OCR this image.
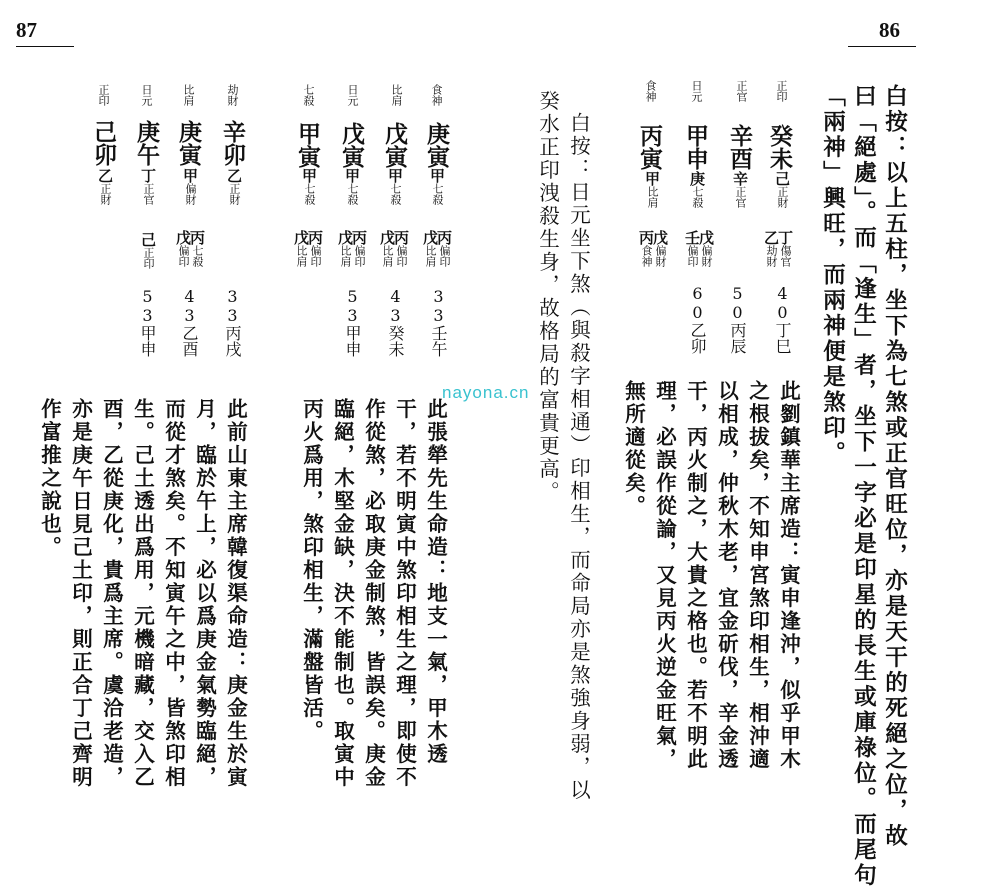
87	86
白按：以上五柱，坐下為七煞或正官旺位，亦是天干的死絕之位，故
曰「絕處」。而「逢生」者，坐下一字必是印星的長生或庫祿位。而尾句
「兩神」興旺，而兩神便是煞印。
正印
癸未
己正財
丁傷官
乙劫財
40丁巳
正官
辛酉
辛正官
50丙辰
日元
甲申
庚七殺
戊偏財
壬偏印
60乙卯
食神
丙寅
甲比肩
戊偏財
丙食神
此劉鎮華主席造：寅申逢沖，似乎甲木
之根拔矣，不知申宮煞印相生，相沖適
以相成，仲秋木老，宜金斫伐，辛金透
干，丙火制之，大貴之格也。若不明此
理，必誤作從論，又見丙火逆金旺氣，
無所適從矣。
白按：日元坐下煞（與殺字相通）印相生，而命局亦是煞強身弱，以
癸水正印洩殺生身，故格局的富貴更高。
食神
庚寅
甲七殺
丙偏印
戊比肩
33壬午
比肩
戊寅
甲七殺
丙偏印
戊比肩
43癸未
日元
戊寅
甲七殺
丙偏印
戊比肩
53甲申
七殺
甲寅
甲七殺
丙偏印
戊比肩
此張犖先生命造：地支一氣，甲木透
干，若不明寅中煞印相生之理，即使不
作從煞，必取庚金制煞，皆誤矣。庚金
臨絕，木堅金缺，決不能制也。取寅中
丙火爲用，煞印相生，滿盤皆活。
劫財
辛卯
乙正財
33丙戌
比肩
庚寅
甲偏財
丙七殺
戊偏印
43乙酉
日元
庚午
丁正官
己正印
53甲申
正印
己卯
乙正財
此前山東主席韓復渠命造：庚金生於寅
月，臨於午上，必以爲庚金氣勢臨絕，
而從才煞矣。不知寅午之中，皆煞印相
生。己土透出爲用，元機暗藏，交入乙
酉，乙從庚化，貴爲主席。虞洽老造，
亦是庚午日見己土印，則正合丁己齊明
作富推之說也。
nayona.cn
